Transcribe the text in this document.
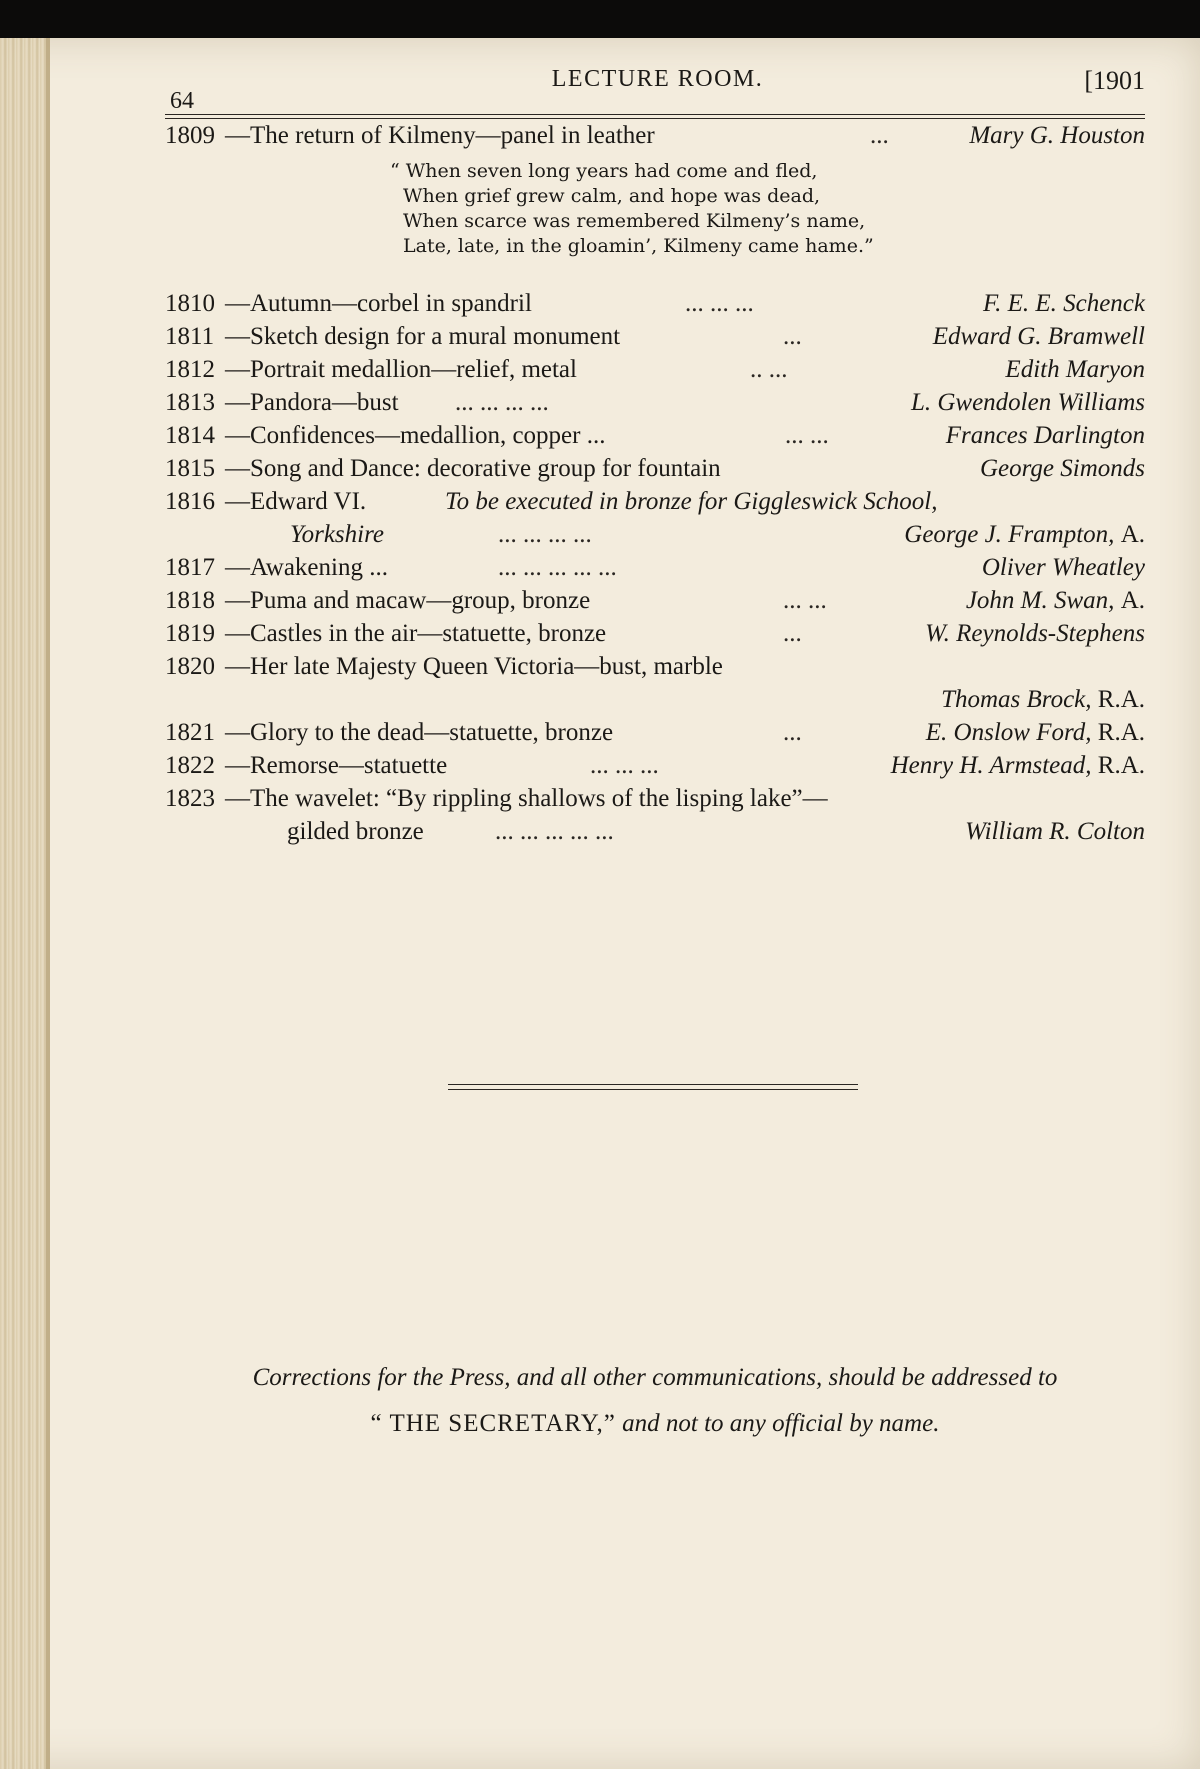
64
LECTURE ROOM.	[1901
1809 —The return of Kilmeny—panel in leather	...	Mary G. Houston
“ When seven long years had come and fled,
When grief grew calm, and hope was dead,
When scarce was remembered Kilmeny’s name,
Late, late, in the gloamin’, Kilmeny came hame.”
1810 —Autumn—corbel in spandril	... ... ...	F. E. E. Schenck
1811 —Sketch design for a mural monument	...	Edward G. Bramwell
1812 —Portrait medallion—relief, metal	.. ...	Edith Maryon
1813 —Pandora—bust ... ... ... ...	L. Gwendolen Williams
1814 —Confidences—medallion, copper ...	... ...	Frances Darlington
1815 —Song and Dance: decorative group for fountain	George Simonds
1816 —Edward VI.	To be executed in bronze for Giggleswick School,
Yorkshire	... ... ... ...	George J. Frampton, A.
1817 —Awakening ...	... ... ... ... ...	Oliver Wheatley
1818 —Puma and macaw—group, bronze	... ...	John M. Swan, A.
1819 —Castles in the air—statuette, bronze	...	W. Reynolds-Stephens
1820 —Her late Majesty Queen Victoria—bust, marble
Thomas Brock, R.A.
1821 —Glory to the dead—statuette, bronze	...	E. Onslow Ford, R.A.
1822 —Remorse—statuette	... ... ...	Henry H. Armstead, R.A.
1823 —The wavelet: “By rippling shallows of the lisping lake”—
gilded bronze	... ... ... ... ...	William R. Colton
Corrections for the Press, and all other communications, should be addressed to
“ THE SECRETARY,” and not to any official by name.
